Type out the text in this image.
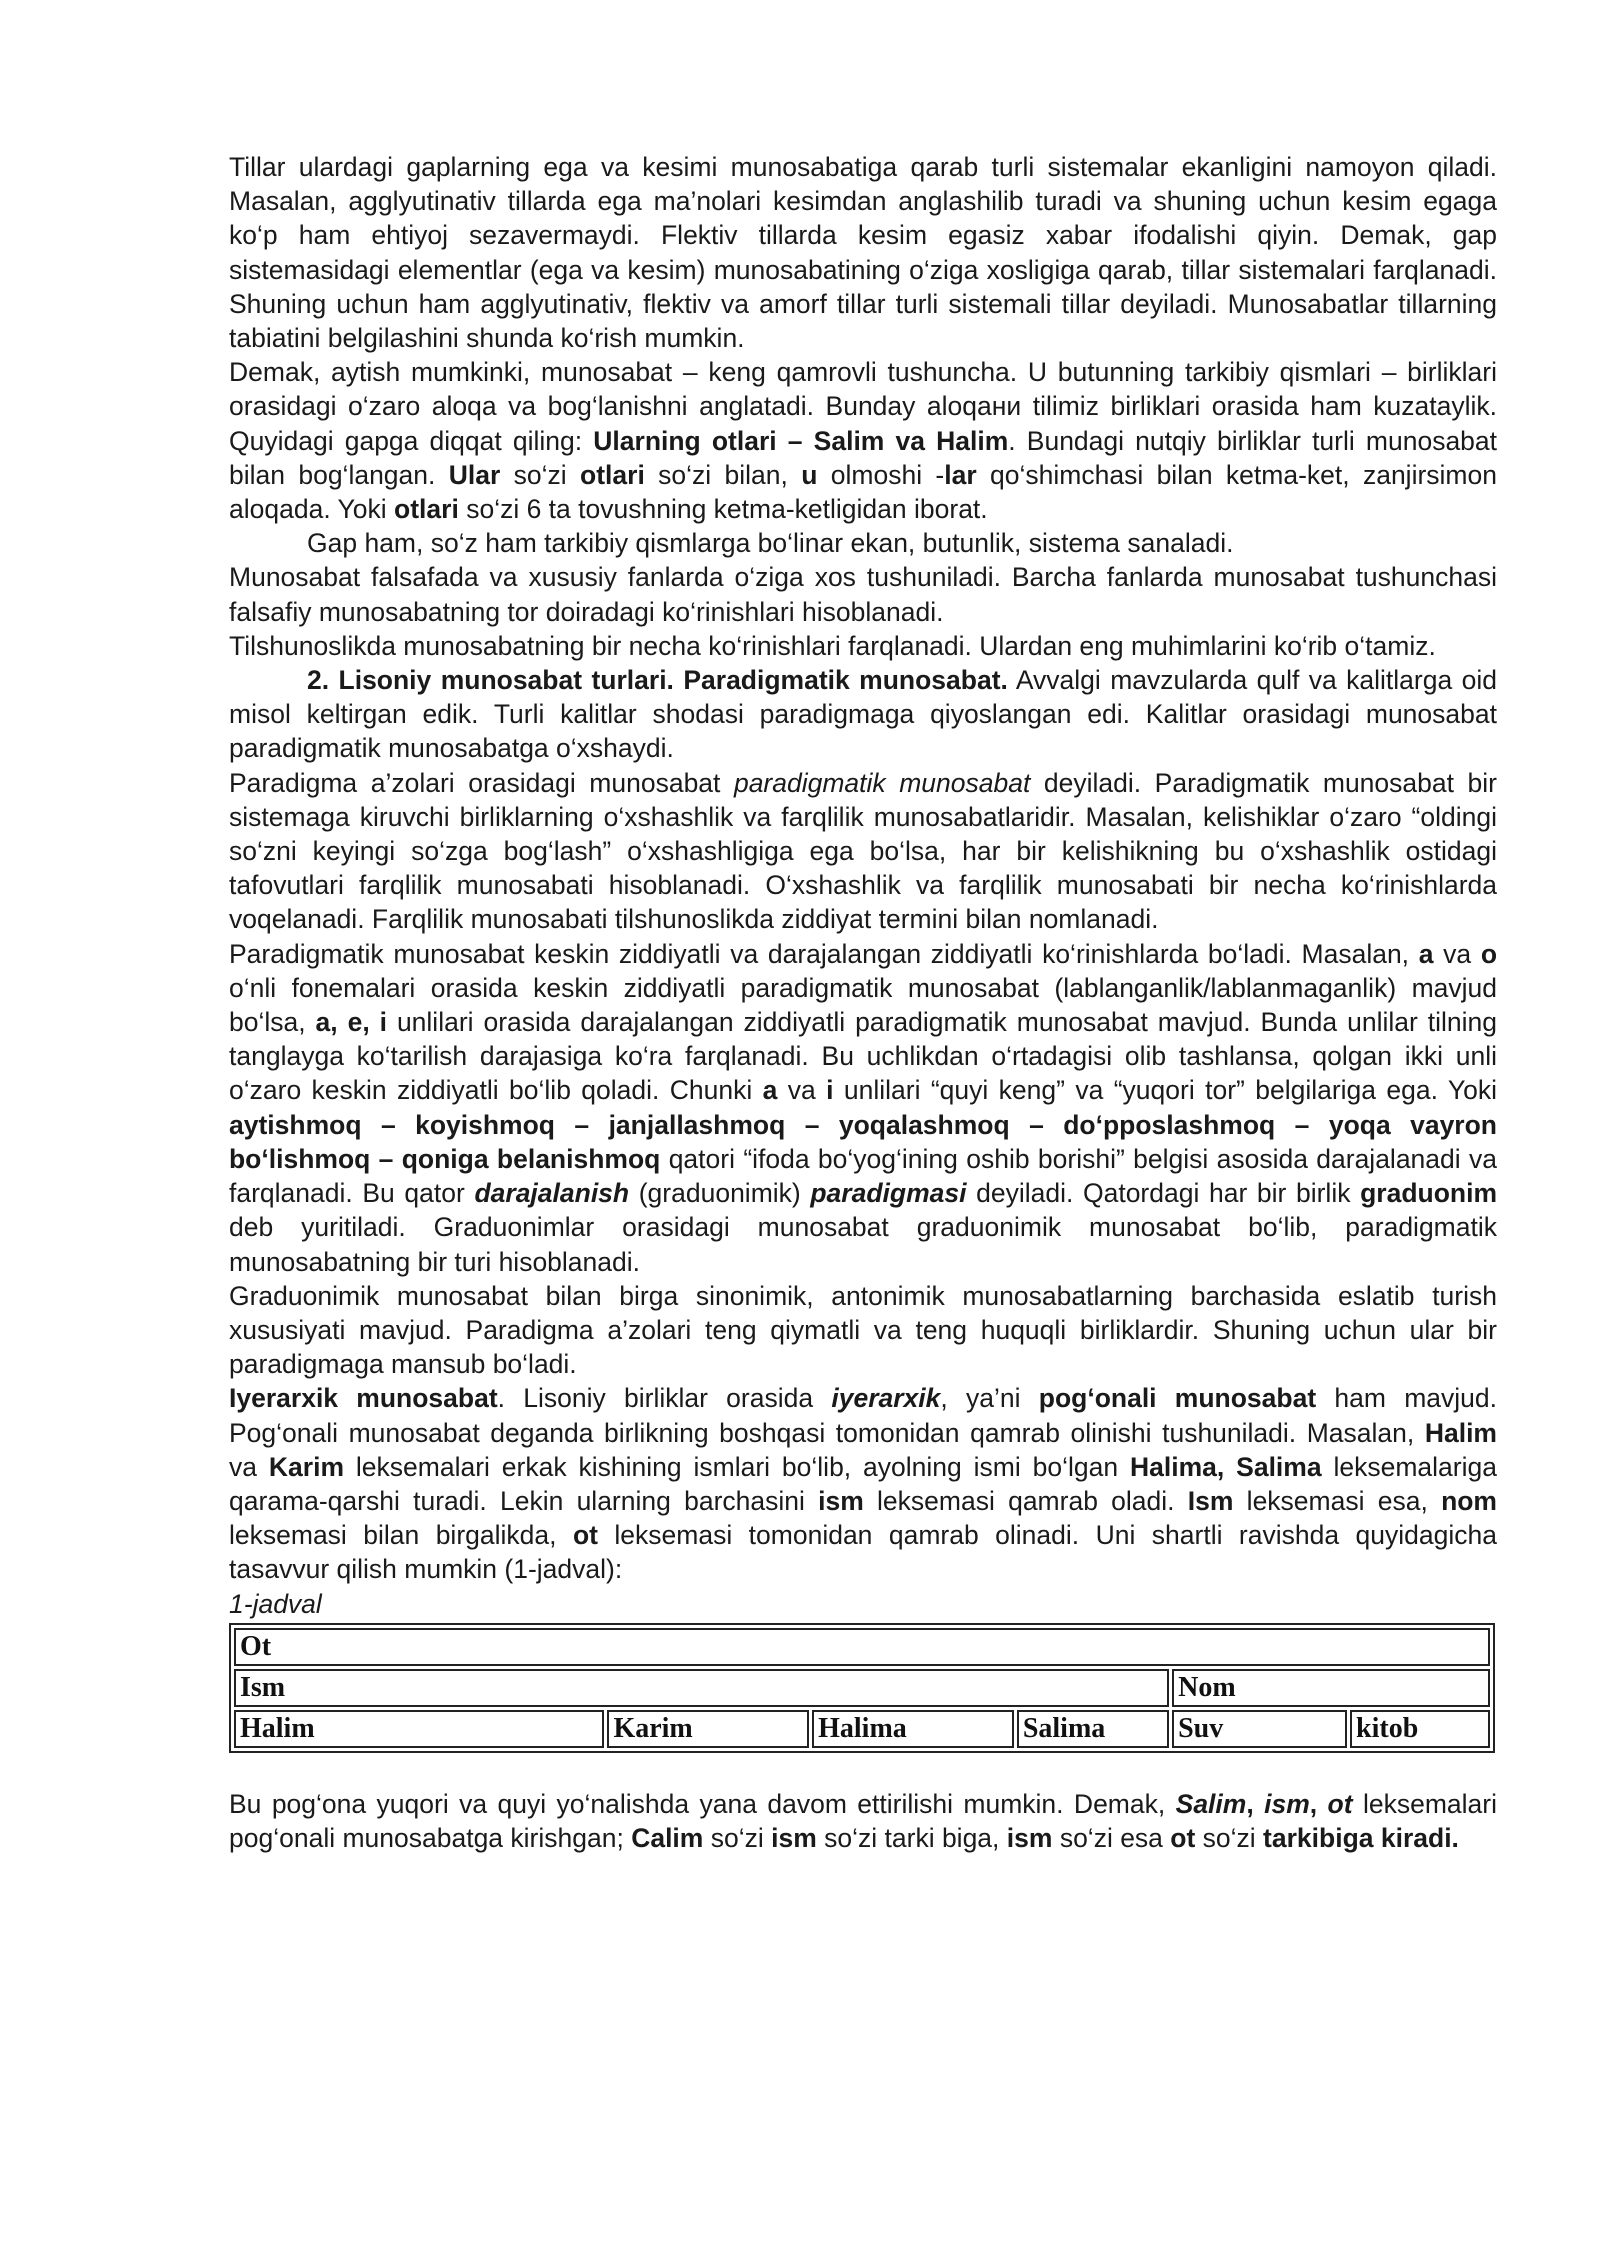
Tillar ulardagi gaplarning ega va kesimi munosabatiga qarab turli sistemalar ekanligini namoyon qiladi. Masalan, agglyutinativ tillarda ega ma’nolari kesimdan anglashilib turadi va shuning uchun kesim egaga ko‘p ham ehtiyoj sezavermaydi. Flektiv tillarda kesim egasiz xabar ifodalishi qiyin. Demak, gap sistemasidagi elementlar (ega va kesim) munosabatining o‘ziga xosligiga qarab, tillar sistemalari farqlanadi. Shuning uchun ham agglyutinativ, flektiv va amorf tillar turli sistemali tillar deyiladi. Munosabatlar tillarning tabiatini belgilashini shunda ko‘rish mumkin.

Demak, aytish mumkinki, munosabat – keng qamrovli tushuncha. U butunning tarkibiy qismlari – birliklari orasidagi o‘zaro aloqa va bog‘lanishni anglatadi. Bunday aloqaни tilimiz birliklari orasida ham kuzataylik. Quyidagi gapga diqqat qiling: Ularning otlari – Salim va Halim. Bundagi nutqiy birliklar turli munosabat bilan bog‘langan. Ular so‘zi otlari so‘zi bilan, u olmoshi -lar qo‘shimchasi bilan ketma-ket, zanjirsimon aloqada. Yoki otlari so‘zi 6 ta tovushning ketma-ketligidan iborat.

Gap ham, so‘z ham tarkibiy qismlarga bo‘linar ekan, butunlik, sistema sanaladi.

Munosabat falsafada va xususiy fanlarda o‘ziga xos tushuniladi. Barcha fanlarda munosabat tushunchasi falsafiy munosabatning tor doiradagi ko‘rinishlari hisoblanadi.

Tilshunoslikda munosabatning bir necha ko‘rinishlari farqlanadi. Ulardan eng muhimlarini ko‘rib o‘tamiz.

2. Lisoniy munosabat turlari. Paradigmatik munosabat. Avvalgi mavzularda qulf va kalitlarga oid misol keltirgan edik. Turli kalitlar shodasi paradigmaga qiyoslangan edi. Kalitlar orasidagi munosabat paradigmatik munosabatga o‘xshaydi.

Paradigma a’zolari orasidagi munosabat paradigmatik munosabat deyiladi. Paradigmatik munosabat bir sistemaga kiruvchi birliklarning o‘xshashlik va farqlilik munosabatlaridir. Masalan, kelishiklar o‘zaro “oldingi so‘zni keyingi so‘zga bog‘lash” o‘xshashligiga ega bo‘lsa, har bir kelishikning bu o‘xshashlik ostidagi tafovutlari farqlilik munosabati hisoblanadi. O‘xshashlik va farqlilik munosabati bir necha ko‘rinishlarda voqelanadi. Farqlilik munosabati tilshunoslikda ziddiyat termini bilan nomlanadi.

Paradigmatik munosabat keskin ziddiyatli va darajalangan ziddiyatli ko‘rinishlarda bo‘ladi. Masalan, a va o o‘nli fonemalari orasida keskin ziddiyatli paradigmatik munosabat (lablanganlik/lablanmaganlik) mavjud bo‘lsa, a, e, i unlilari orasida darajalangan ziddiyatli paradigmatik munosabat mavjud. Bunda unlilar tilning tanglayga ko‘tarilish darajasiga ko‘ra farqlanadi. Bu uchlikdan o‘rtadagisi olib tashlansa, qolgan ikki unli o‘zaro keskin ziddiyatli bo‘lib qoladi. Chunki a va i unlilari “quyi keng” va “yuqori tor” belgilariga ega. Yoki aytishmoq – koyishmoq – janjallashmoq – yoqalashmoq – do‘pposlashmoq – yoqa vayron bo‘lishmoq – qoniga belanishmoq qatori “ifoda bo‘yog‘ining oshib borishi” belgisi asosida darajalanadi va farqlanadi. Bu qator darajalanish (graduonimik) paradigmasi deyiladi. Qatordagi har bir birlik graduonim deb yuritiladi. Graduonimlar orasidagi munosabat graduonimik munosabat bo‘lib, paradigmatik munosabatning bir turi hisoblanadi.

Graduonimik munosabat bilan birga sinonimik, antonimik munosabatlarning barchasida eslatib turish xususiyati mavjud. Paradigma a’zolari teng qiymatli va teng huquqli birliklardir. Shuning uchun ular bir paradigmaga mansub bo‘ladi.

Iyerarxik munosabat. Lisoniy birliklar orasida iyerarxik, ya’ni pog‘onali munosabat ham mavjud. Pog‘onali munosabat deganda birlikning boshqasi tomonidan qamrab olinishi tushuniladi. Masalan, Halim va Karim leksemalari erkak kishining ismlari bo‘lib, ayolning ismi bo‘lgan Halima, Salima leksemalariga qarama-qarshi turadi. Lekin ularning barchasini ism leksemasi qamrab oladi. Ism leksemasi esa, nom leksemasi bilan birgalikda, ot leksemasi tomonidan qamrab olinadi. Uni shartli ravishda quyidagicha tasavvur qilish mumkin (1-jadval):

1-jadval

Ot					
Ism				Nom	
Halim	Karim	Halima	Salima	Suv	kitob

Bu pog‘ona yuqori va quyi yo‘nalishda yana davom ettirilishi mumkin. Demak, Salim, ism, ot leksemalari pog‘onali munosabatga kirishgan; Calim so‘zi ism so‘zi tarki biga, ism so‘zi esa ot so‘zi tarkibiga kiradi.
